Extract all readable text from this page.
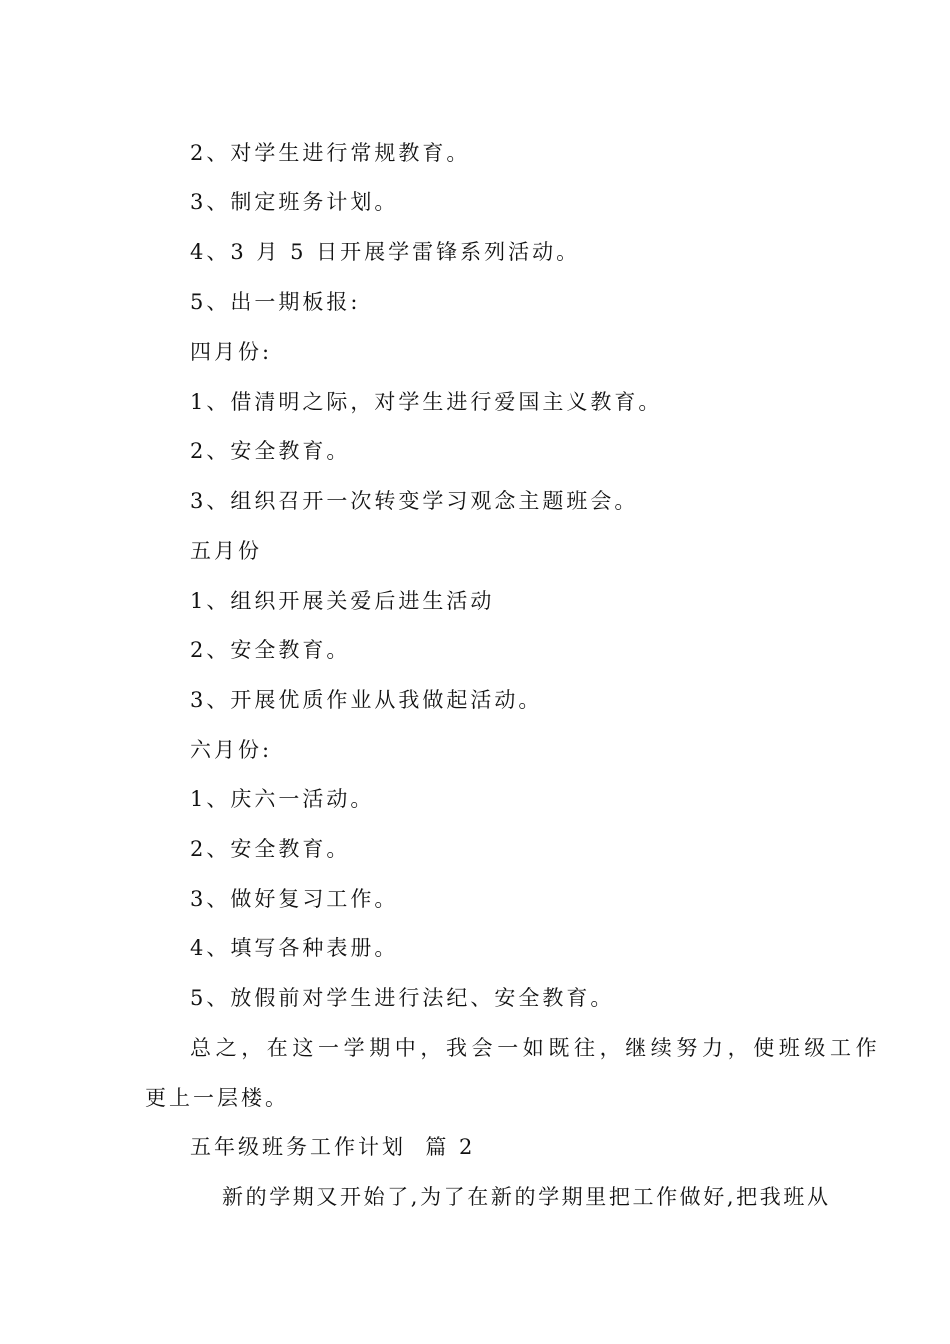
2、对学生进行常规教育。
3、制定班务计划。
4、3 月 5 日开展学雷锋系列活动。
5、出一期板报:
四月份:
1、借清明之际，对学生进行爱国主义教育。
2、安全教育。
3、组织召开一次转变学习观念主题班会。
五月份
1、组织开展关爱后进生活动
2、安全教育。
3、开展优质作业从我做起活动。
六月份:
1、庆六一活动。
2、安全教育。
3、做好复习工作。
4、填写各种表册。
5、放假前对学生进行法纪、安全教育。
总之，在这一学期中，我会一如既往，继续努力，使班级工作
更上一层楼。
五年级班务工作计划  篇 2
新的学期又开始了,为了在新的学期里把工作做好,把我班从
